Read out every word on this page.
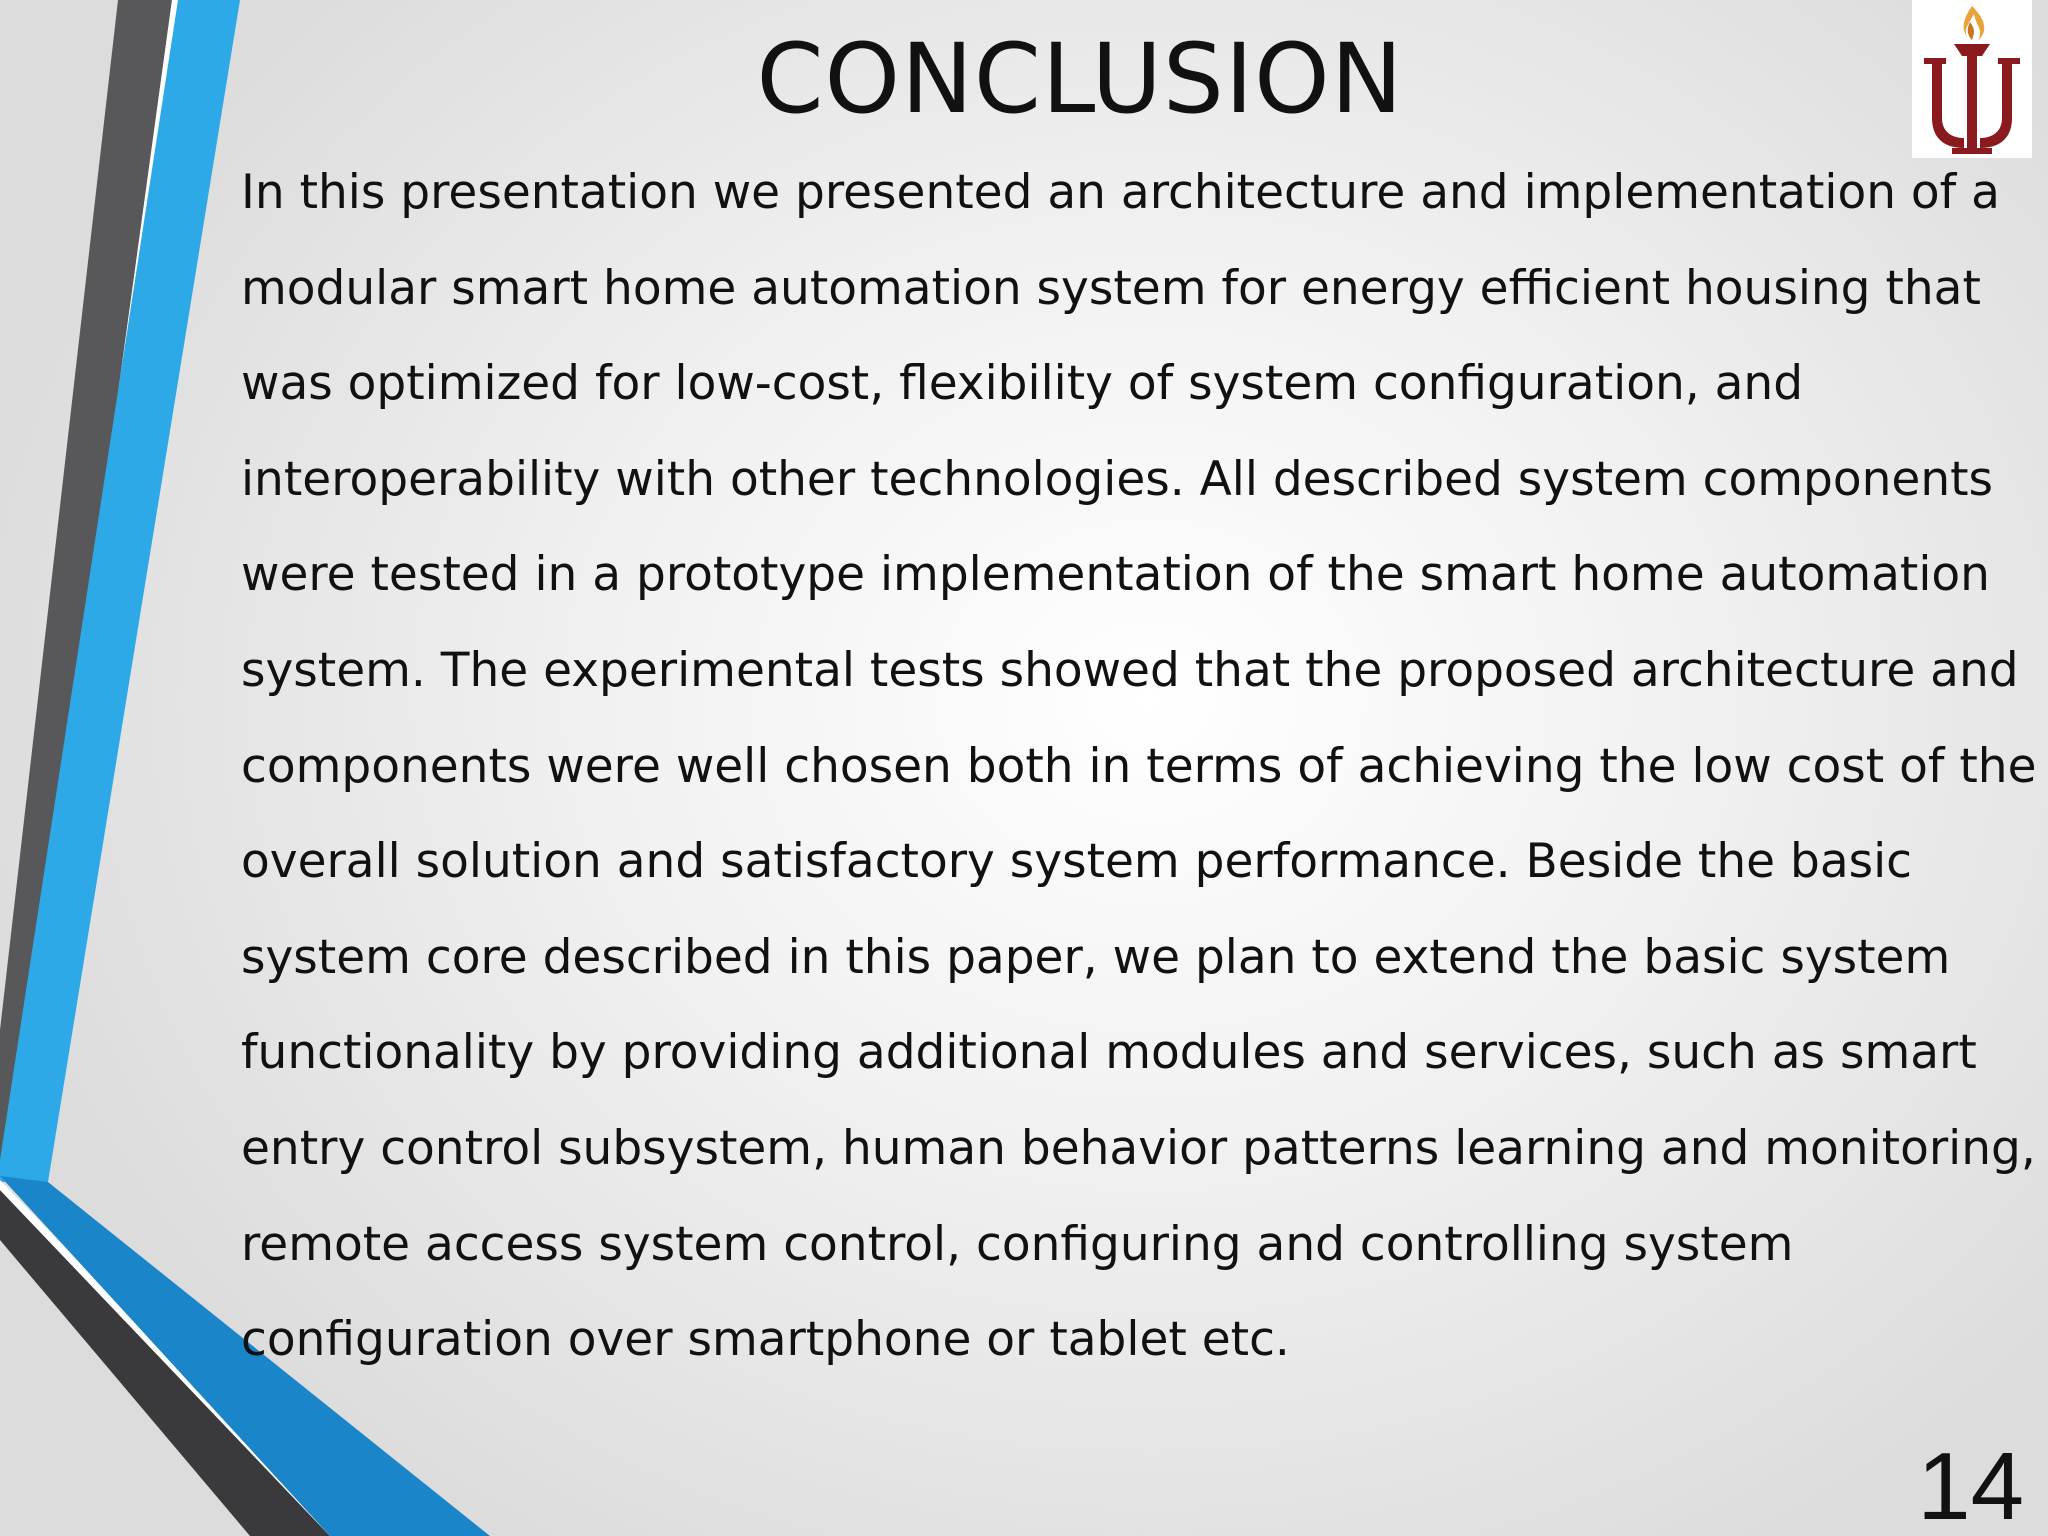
CONCLUSION
In this presentation we presented an architecture and implementation of a
modular smart home automation system for energy efficient housing that
was optimized for low-cost, flexibility of system configuration, and
interoperability with other technologies. All described system components
were tested in a prototype implementation of the smart home automation
system. The experimental tests showed that the proposed architecture and
components were well chosen both in terms of achieving the low cost of the
overall solution and satisfactory system performance. Beside the basic
system core described in this paper, we plan to extend the basic system
functionality by providing additional modules and services, such as smart
entry control subsystem, human behavior patterns learning and monitoring,
remote access system control, configuring and controlling system
configuration over smartphone or tablet etc.
14
